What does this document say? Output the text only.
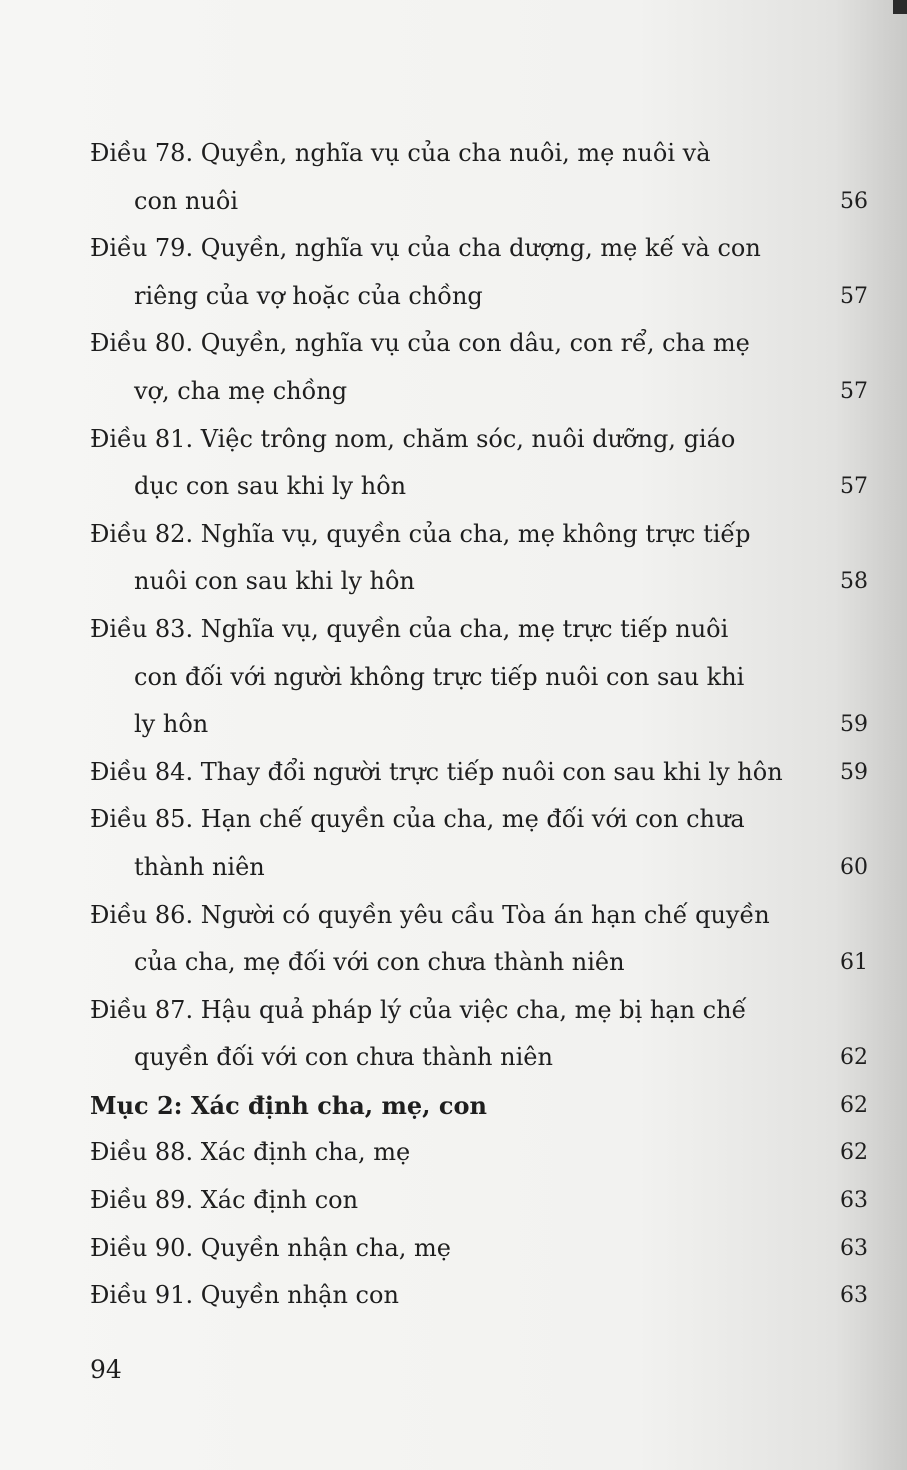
Điều 78. Quyền, nghĩa vụ của cha nuôi, mẹ nuôi và
con nuôi	56
Điều 79. Quyền, nghĩa vụ của cha dượng, mẹ kế và con
riêng của vợ hoặc của chồng	57
Điều 80. Quyền, nghĩa vụ của con dâu, con rể, cha mẹ
vợ, cha mẹ chồng	57
Điều 81. Việc trông nom, chăm sóc, nuôi dưỡng, giáo
dục con sau khi ly hôn	57
Điều 82. Nghĩa vụ, quyền của cha, mẹ không trực tiếp
nuôi con sau khi ly hôn	58
Điều 83. Nghĩa vụ, quyền của cha, mẹ trực tiếp nuôi
con đối với người không trực tiếp nuôi con sau khi
ly hôn	59
Điều 84. Thay đổi người trực tiếp nuôi con sau khi ly hôn	59
Điều 85. Hạn chế quyền của cha, mẹ đối với con chưa
thành niên	60
Điều 86. Người có quyền yêu cầu Tòa án hạn chế quyền
của cha, mẹ đối với con chưa thành niên	61
Điều 87. Hậu quả pháp lý của việc cha, mẹ bị hạn chế
quyền đối với con chưa thành niên	62
Mục 2: Xác định cha, mẹ, con	62
Điều 88. Xác định cha, mẹ	62
Điều 89. Xác định con	63
Điều 90. Quyền nhận cha, mẹ	63
Điều 91. Quyền nhận con	63
94
